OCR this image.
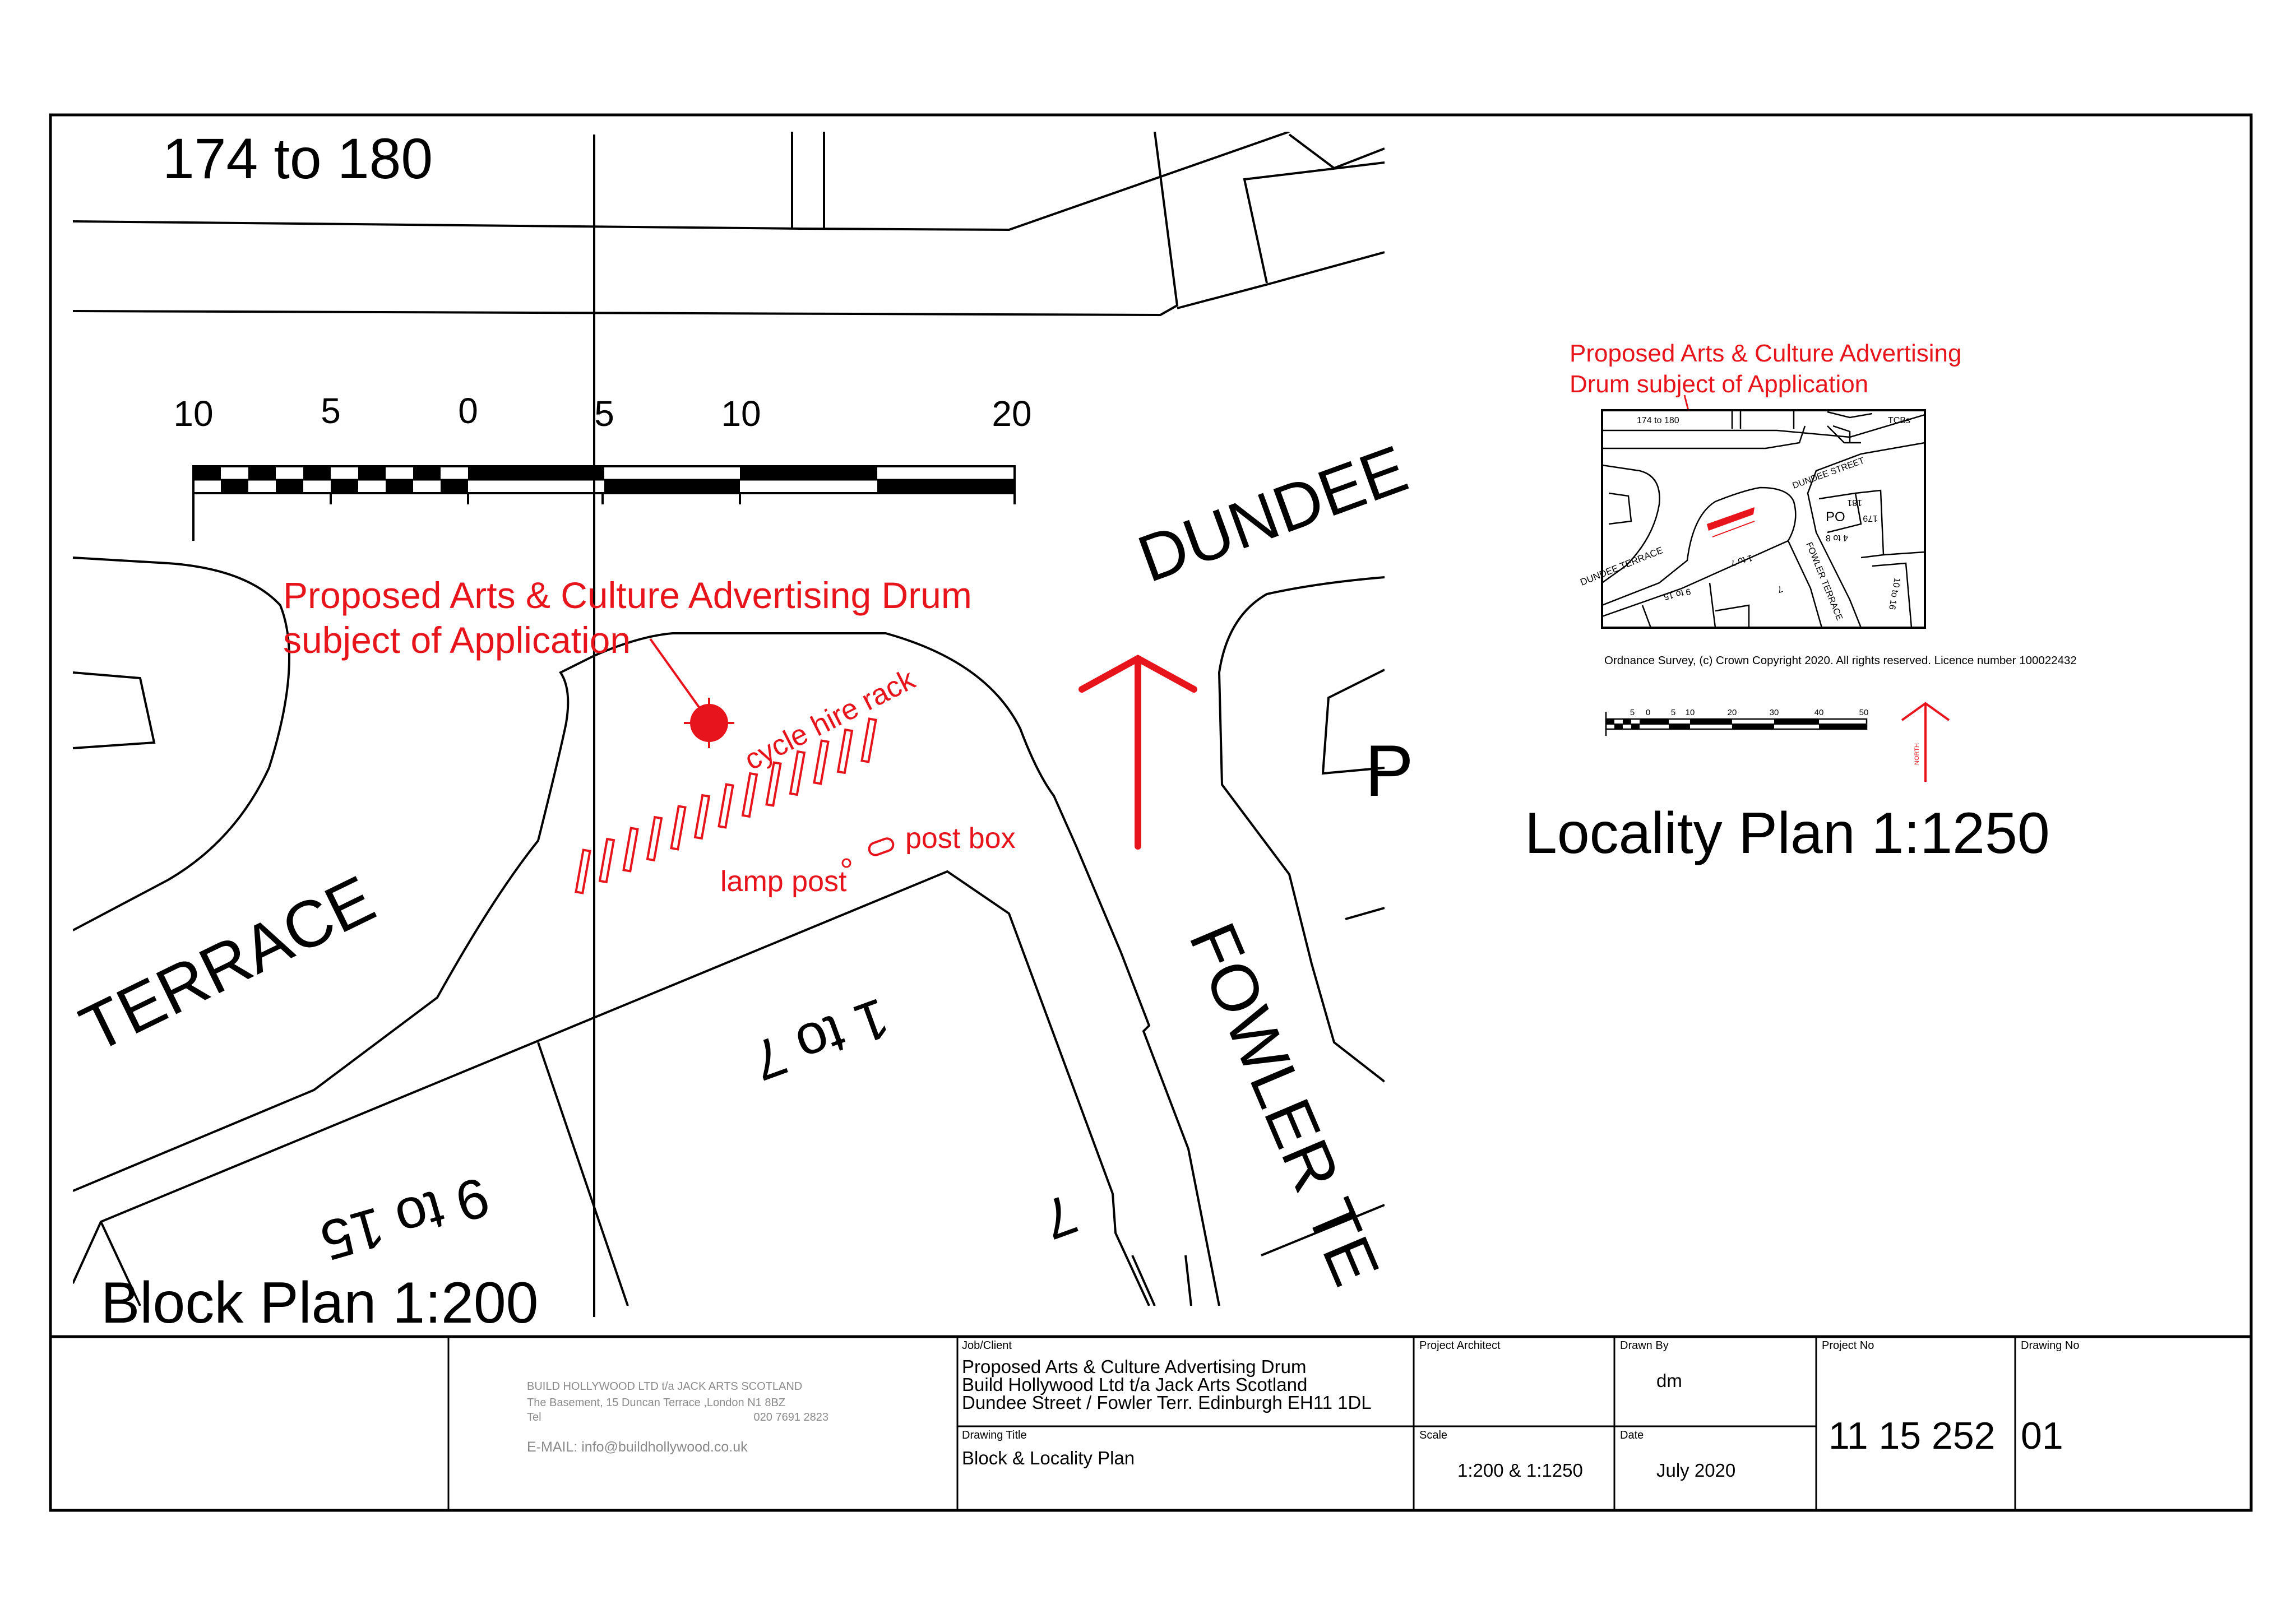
10	5	0	5	10	20
174 to 180
DUNDEE
TERRACE	FOWLER TE
1 to 7
9 to 15	7
P
Block Plan 1:200
Proposed Arts & Culture Advertising Drum
subject of Application
cycle hire rack
lamp post
post box
Proposed Arts & Culture Advertising
Drum subject of Application
174 to 180	TCBs
DUNDEE STREET
DUNDEE TERRACE	FOWLER TERRACE
PO
181
179
4 to 8
1 to 7
9 to 15	10 to 16
7
Ordnance Survey, (c) Crown Copyright 2020. All rights reserved. Licence number 100022432
5 0 5 10	20	30	40	50
NORTH
Locality Plan 1:1250
BUILD HOLLYWOOD LTD t/a JACK ARTS SCOTLAND
The Basement, 15 Duncan Terrace ,London N1 8BZ
Tel	020 7691 2823
E-MAIL: info@buildhollywood.co.uk
Job/Client
Proposed Arts & Culture Advertising Drum
Build Hollywood Ltd t/a Jack Arts Scotland
Dundee Street / Fowler Terr. Edinburgh EH11 1DL
Drawing Title
Block & Locality Plan
Project Architect
Scale
1:200 & 1:1250
Drawn By
dm
Date
July 2020
Project No
11 15 252
Drawing No
01
